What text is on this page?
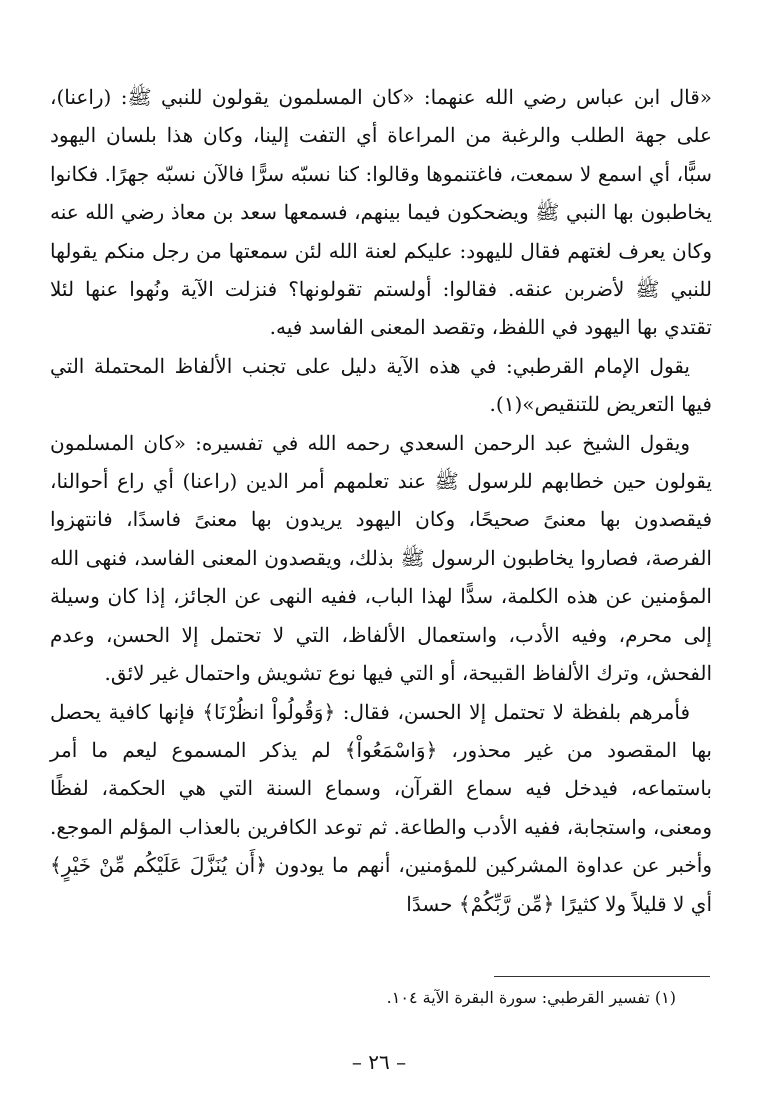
«قال ابن عباس رضي الله عنهما: «كان المسلمون يقولون للنبي ﷺ: (راعنا)، على جهة الطلب والرغبة من المراعاة أي التفت إلينا، وكان هذا بلسان اليهود سبًّا، أي اسمع لا سمعت، فاغتنموها وقالوا: كنا نسبّه سرًّا فالآن نسبّه جهرًا. فكانوا يخاطبون بها النبي ﷺ ويضحكون فيما بينهم، فسمعها سعد بن معاذ رضي الله عنه وكان يعرف لغتهم فقال لليهود: عليكم لعنة الله لئن سمعتها من رجل منكم يقولها للنبي ﷺ لأضربن عنقه. فقالوا: أولستم تقولونها؟ فنزلت الآية ونُهوا عنها لئلا تقتدي بها اليهود في اللفظ، وتقصد المعنى الفاسد فيه.

يقول الإمام القرطبي: في هذه الآية دليل على تجنب الألفاظ المحتملة التي فيها التعريض للتنقيص»(١).

ويقول الشيخ عبد الرحمن السعدي رحمه الله في تفسيره: «كان المسلمون يقولون حين خطابهم للرسول ﷺ عند تعلمهم أمر الدين (راعنا) أي راع أحوالنا، فيقصدون بها معنىً صحيحًا، وكان اليهود يريدون بها معنىً فاسدًا، فانتهزوا الفرصة، فصاروا يخاطبون الرسول ﷺ بذلك، ويقصدون المعنى الفاسد، فنهى الله المؤمنين عن هذه الكلمة، سدًّا لهذا الباب، ففيه النهى عن الجائز، إذا كان وسيلة إلى محرم، وفيه الأدب، واستعمال الألفاظ، التي لا تحتمل إلا الحسن، وعدم الفحش، وترك الألفاظ القبيحة، أو التي فيها نوع تشويش واحتمال غير لائق.

فأمرهم بلفظة لا تحتمل إلا الحسن، فقال: ﴿وَقُولُواْ انظُرْنَا﴾ فإنها كافية يحصل بها المقصود من غير محذور، ﴿وَاسْمَعُواْ﴾ لم يذكر المسموع ليعم ما أمر باستماعه، فيدخل فيه سماع القرآن، وسماع السنة التي هي الحكمة، لفظًا ومعنى، واستجابة، ففيه الأدب والطاعة. ثم توعد الكافرين بالعذاب المؤلم الموجع. وأخبر عن عداوة المشركين للمؤمنين، أنهم ما يودون ﴿أَن يُنَزَّلَ عَلَيْكُم مِّنْ خَيْرٍ﴾ أي لا قليلاً ولا كثيرًا ﴿مِّن رَّبِّكُمْ﴾ حسدًا

(١) تفسير القرطبي: سورة البقرة الآية ١٠٤.
– ٢٦ –
